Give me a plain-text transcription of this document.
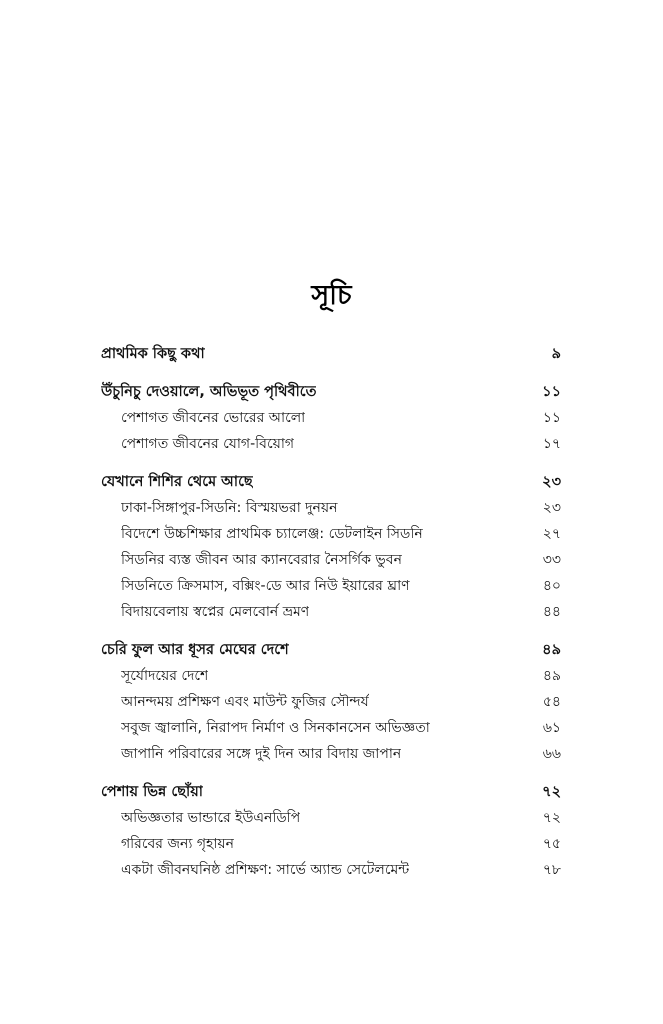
সূচি
প্রাথমিক কিছু কথা	৯
উঁচুনিচু দেওয়ালে, অভিভূত পৃথিবীতে	১১
পেশাগত জীবনের ভোরের আলো	১১
পেশাগত জীবনের যোগ-বিয়োগ	১৭
যেখানে শিশির থেমে আছে	২৩
ঢাকা-সিঙ্গাপুর-সিডনি: বিস্ময়ভরা দুনয়ন	২৩
বিদেশে উচ্চশিক্ষার প্রাথমিক চ্যালেঞ্জ: ডেটলাইন সিডনি	২৭
সিডনির ব্যস্ত জীবন আর ক্যানবেরার নৈসর্গিক ভুবন	৩৩
সিডনিতে ক্রিসমাস, বক্সিং-ডে আর নিউ ইয়ারের ঘ্রাণ	৪০
বিদায়বেলায় স্বপ্নের মেলবোর্ন ভ্রমণ	৪৪
চেরি ফুল আর ধূসর মেঘের দেশে	৪৯
সূর্যোদয়ের দেশে	৪৯
আনন্দময় প্রশিক্ষণ এবং মাউন্ট ফুজির সৌন্দর্য	৫৪
সবুজ জ্বালানি, নিরাপদ নির্মাণ ও সিনকানসেন অভিজ্ঞতা	৬১
জাপানি পরিবারের সঙ্গে দুই দিন আর বিদায় জাপান	৬৬
পেশায় ভিন্ন ছোঁয়া	৭২
অভিজ্ঞতার ভান্ডারে ইউএনডিপি	৭২
গরিবের জন্য গৃহায়ন	৭৫
একটা জীবনঘনিষ্ঠ প্রশিক্ষণ: সার্ভে অ্যান্ড সেটেলমেন্ট	৭৮
